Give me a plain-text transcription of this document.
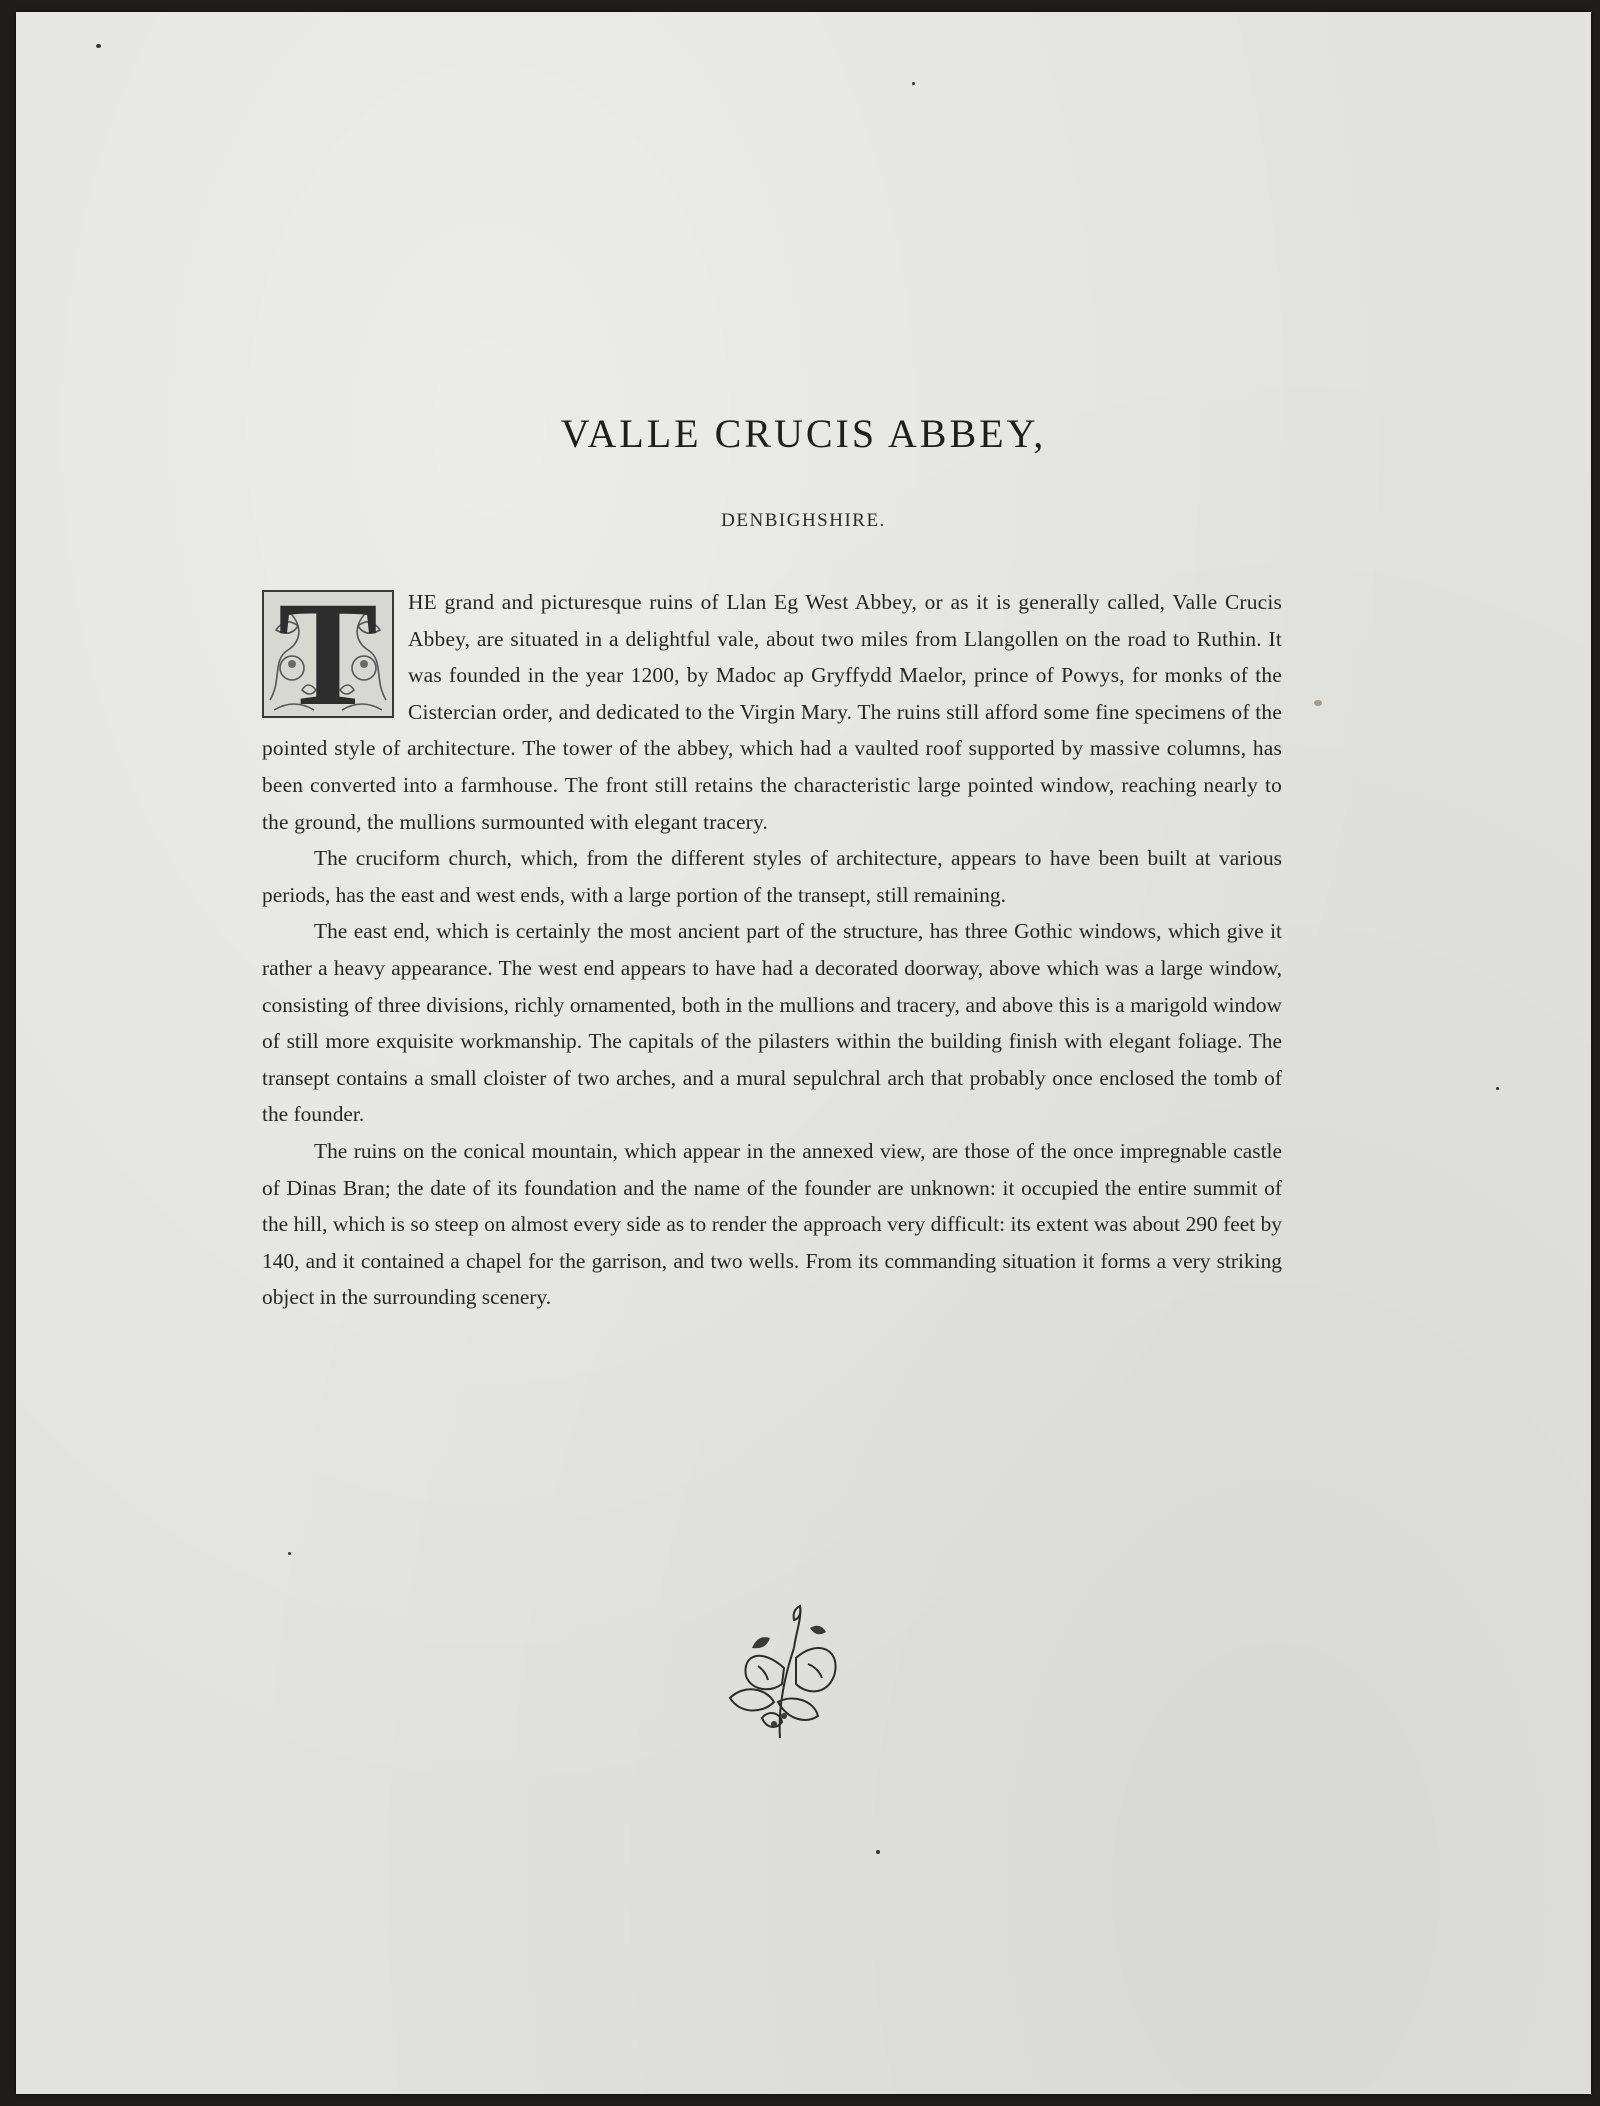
VALLE CRUCIS ABBEY,
DENBIGHSHIRE.
T	HE grand and picturesque ruins of Llan Eg West Abbey, or as it is generally called, Valle Crucis Abbey, are situated in a delightful vale, about two miles from Llangollen on the road to Ruthin. It was founded in the year 1200, by Madoc ap Gryffydd Maelor, prince of Powys, for monks of the Cistercian order, and dedicated to the Virgin Mary. The ruins still afford some fine specimens of the pointed style of architecture. The tower of the abbey, which had a vaulted roof supported by massive columns, has been converted into a farmhouse. The front still retains the characteristic large pointed window, reaching nearly to the ground, the mullions surmounted with elegant tracery.

The cruciform church, which, from the different styles of architecture, appears to have been built at various periods, has the east and west ends, with a large portion of the transept, still remaining.

The east end, which is certainly the most ancient part of the structure, has three Gothic windows, which give it rather a heavy appearance. The west end appears to have had a decorated doorway, above which was a large window, consisting of three divisions, richly ornamented, both in the mullions and tracery, and above this is a marigold window of still more exquisite workmanship. The capitals of the pilasters within the building finish with elegant foliage. The transept contains a small cloister of two arches, and a mural sepulchral arch that probably once enclosed the tomb of the founder.

The ruins on the conical mountain, which appear in the annexed view, are those of the once impregnable castle of Dinas Bran; the date of its foundation and the name of the founder are unknown: it occupied the entire summit of the hill, which is so steep on almost every side as to render the approach very difficult: its extent was about 290 feet by 140, and it contained a chapel for the garrison, and two wells. From its commanding situation it forms a very striking object in the surrounding scenery.
